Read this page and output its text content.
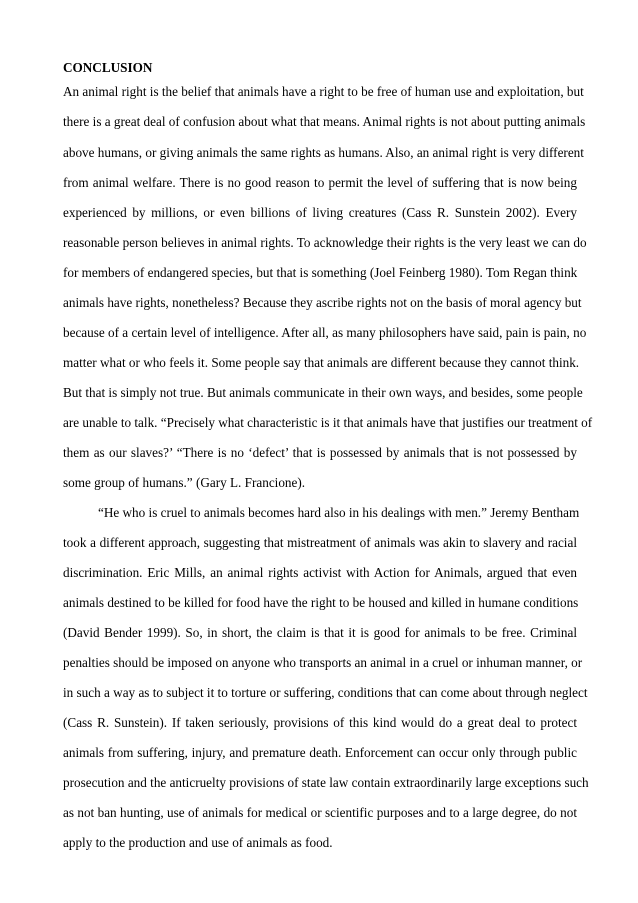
CONCLUSION
An animal right is the belief that animals have a right to be free of human use and exploitation, but
there is a great deal of confusion about what that means. Animal rights is not about putting animals
above humans, or giving animals the same rights as humans. Also, an animal right is very different
from animal welfare. There is no good reason to permit the level of suffering that is now being
experienced by millions, or even billions of living creatures (Cass R. Sunstein 2002). Every
reasonable person believes in animal rights. To acknowledge their rights is the very least we can do
for members of endangered species, but that is something (Joel Feinberg 1980). Tom Regan think
animals have rights, nonetheless? Because they ascribe rights not on the basis of moral agency but
because of a certain level of intelligence. After all, as many philosophers have said, pain is pain, no
matter what or who feels it. Some people say that animals are different because they cannot think.
But that is simply not true. But animals communicate in their own ways, and besides, some people
are unable to talk. “Precisely what characteristic is it that animals have that justifies our treatment of
them as our slaves?’ “There is no ‘defect’ that is possessed by animals that is not possessed by
some group of humans.” (Gary L. Francione).
“He who is cruel to animals becomes hard also in his dealings with men.” Jeremy Bentham
took a different approach, suggesting that mistreatment of animals was akin to slavery and racial
discrimination. Eric Mills, an animal rights activist with Action for Animals, argued that even
animals destined to be killed for food have the right to be housed and killed in humane conditions
(David Bender 1999). So, in short, the claim is that it is good for animals to be free. Criminal
penalties should be imposed on anyone who transports an animal in a cruel or inhuman manner, or
in such a way as to subject it to torture or suffering, conditions that can come about through neglect
(Cass R. Sunstein). If taken seriously, provisions of this kind would do a great deal to protect
animals from suffering, injury, and premature death. Enforcement can occur only through public
prosecution and the anticruelty provisions of state law contain extraordinarily large exceptions such
as not ban hunting, use of animals for medical or scientific purposes and to a large degree, do not
apply to the production and use of animals as food.
